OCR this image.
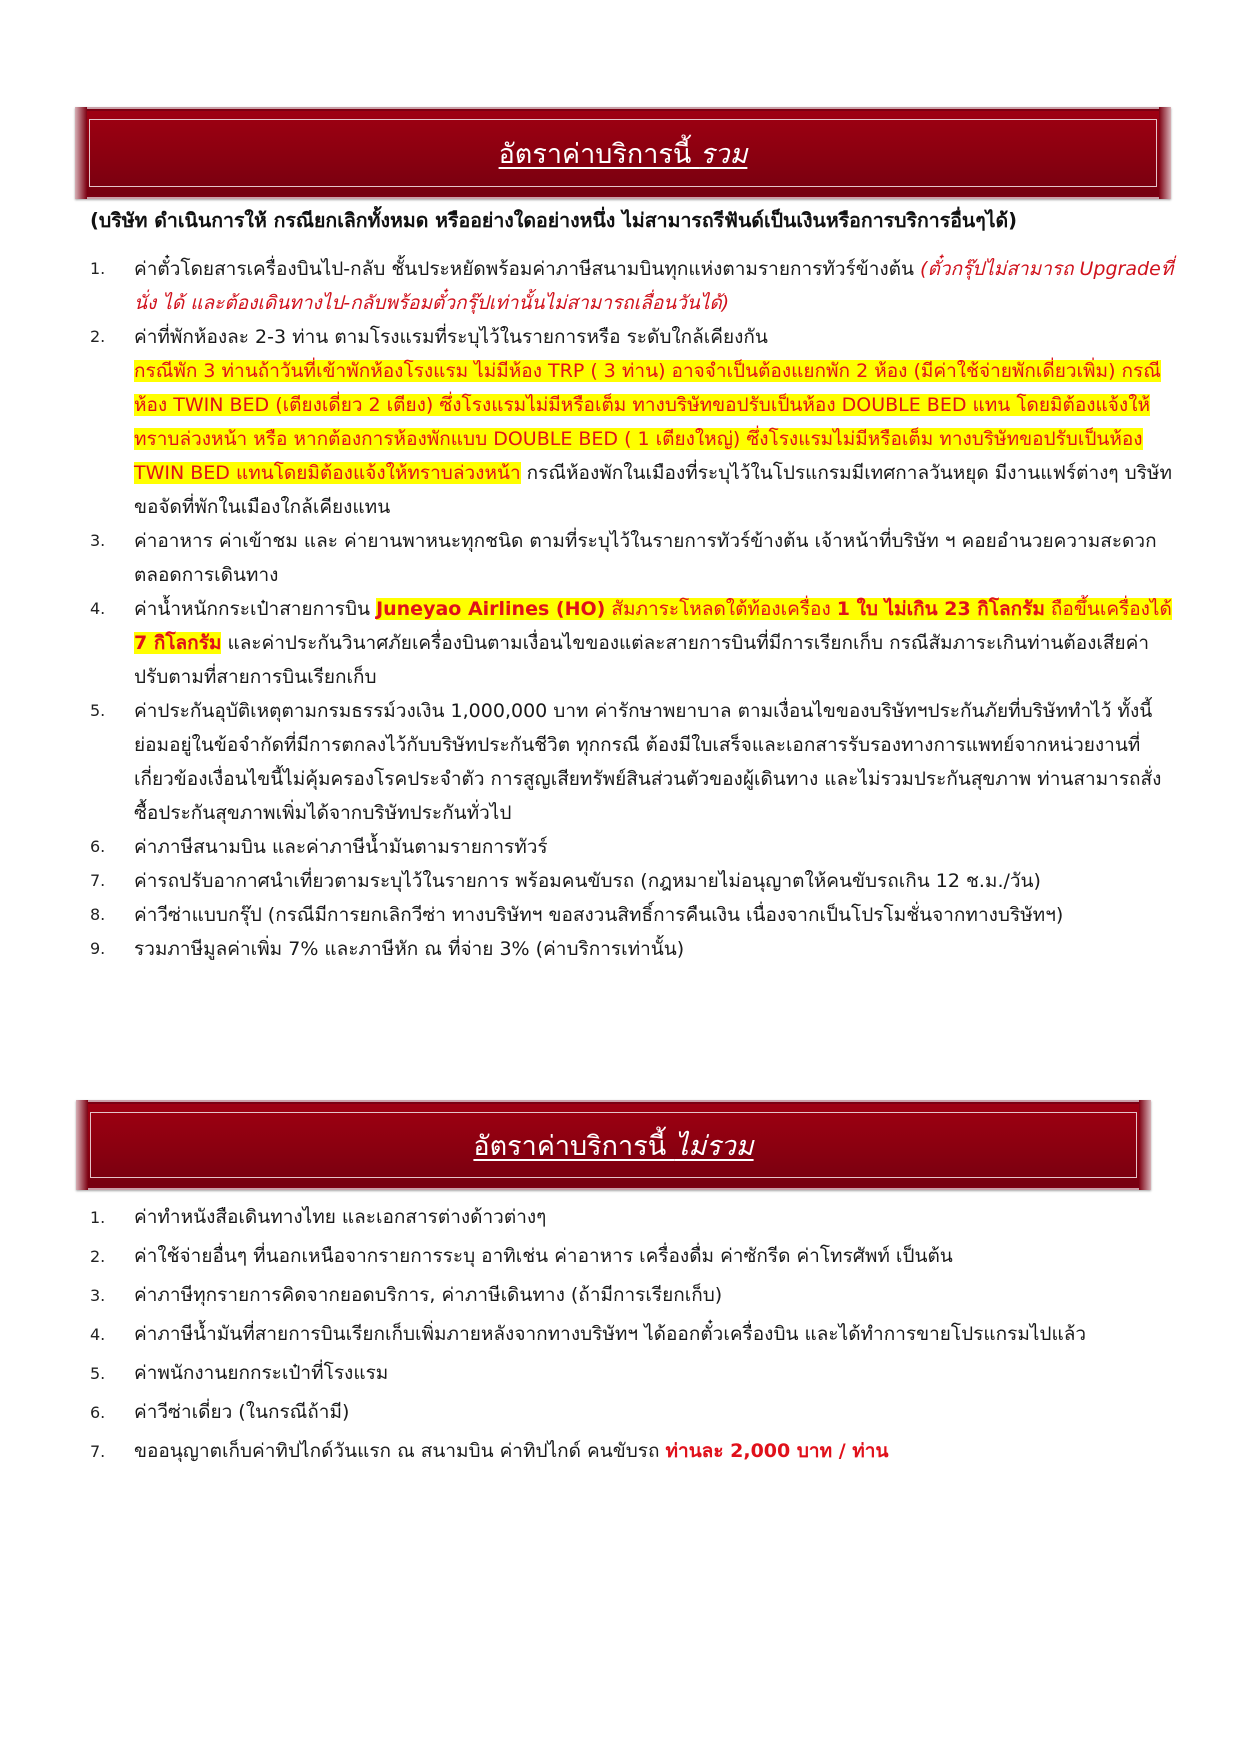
อัตราค่าบริการนี้ รวม
(บริษัท ดำเนินการให้ กรณียกเลิกทั้งหมด หรืออย่างใดอย่างหนึ่ง ไม่สามารถรีฟันด์เป็นเงินหรือการบริการอื่นๆได้)
1.	ค่าตั๋วโดยสารเครื่องบินไป-กลับ ชั้นประหยัดพร้อมค่าภาษีสนามบินทุกแห่งตามรายการทัวร์ข้างต้น (ตั๋วกรุ๊ปไม่สามารถ Upgradeที่นั่ง ได้ และต้องเดินทางไป-กลับพร้อมตั๋วกรุ๊ปเท่านั้นไม่สามารถเลื่อนวันได้)
2.	ค่าที่พักห้องละ 2-3 ท่าน ตามโรงแรมที่ระบุไว้ในรายการหรือ ระดับใกล้เคียงกัน
กรณีพัก 3 ท่านถ้าวันที่เข้าพักห้องโรงแรม ไม่มีห้อง TRP ( 3 ท่าน) อาจจำเป็นต้องแยกพัก 2 ห้อง (มีค่าใช้จ่ายพักเดี่ยวเพิ่ม) กรณีห้อง TWIN BED (เตียงเดี่ยว 2 เตียง) ซึ่งโรงแรมไม่มีหรือเต็ม ทางบริษัทขอปรับเป็นห้อง DOUBLE BED แทน โดยมิต้องแจ้งให้ทราบล่วงหน้า หรือ หากต้องการห้องพักแบบ DOUBLE BED ( 1 เตียงใหญ่) ซึ่งโรงแรมไม่มีหรือเต็ม ทางบริษัทขอปรับเป็นห้อง TWIN BED แทนโดยมิต้องแจ้งให้ทราบล่วงหน้า กรณีห้องพักในเมืองที่ระบุไว้ในโปรแกรมมีเทศกาลวันหยุด มีงานแฟร์ต่างๆ บริษัทขอจัดที่พักในเมืองใกล้เคียงแทน
3.	ค่าอาหาร ค่าเข้าชม และ ค่ายานพาหนะทุกชนิด ตามที่ระบุไว้ในรายการทัวร์ข้างต้น เจ้าหน้าที่บริษัท ฯ คอยอำนวยความสะดวกตลอดการเดินทาง
4.	ค่าน้ำหนักกระเป๋าสายการบิน Juneyao Airlines (HO) สัมภาระโหลดใต้ท้องเครื่อง 1 ใบ ไม่เกิน 23 กิโลกรัม ถือขึ้นเครื่องได้ 7 กิโลกรัม และค่าประกันวินาศภัยเครื่องบินตามเงื่อนไขของแต่ละสายการบินที่มีการเรียกเก็บ กรณีสัมภาระเกินท่านต้องเสียค่าปรับตามที่สายการบินเรียกเก็บ
5.	ค่าประกันอุบัติเหตุตามกรมธรรม์วงเงิน 1,000,000 บาท ค่ารักษาพยาบาล ตามเงื่อนไขของบริษัทฯประกันภัยที่บริษัททำไว้ ทั้งนี้ย่อมอยู่ในข้อจำกัดที่มีการตกลงไว้กับบริษัทประกันชีวิต ทุกกรณี ต้องมีใบเสร็จและเอกสารรับรองทางการแพทย์จากหน่วยงานที่เกี่ยวข้องเงื่อนไขนี้ไม่คุ้มครองโรคประจำตัว การสูญเสียทรัพย์สินส่วนตัวของผู้เดินทาง และไม่รวมประกันสุขภาพ ท่านสามารถสั่งซื้อประกันสุขภาพเพิ่มได้จากบริษัทประกันทั่วไป
6.	ค่าภาษีสนามบิน และค่าภาษีน้ำมันตามรายการทัวร์
7.	ค่ารถปรับอากาศนำเที่ยวตามระบุไว้ในรายการ พร้อมคนขับรถ (กฎหมายไม่อนุญาตให้คนขับรถเกิน 12 ช.ม./วัน)
8.	ค่าวีซ่าแบบกรุ๊ป (กรณีมีการยกเลิกวีซ่า ทางบริษัทฯ ขอสงวนสิทธิ์การคืนเงิน เนื่องจากเป็นโปรโมชั่นจากทางบริษัทฯ)
9.	รวมภาษีมูลค่าเพิ่ม 7% และภาษีหัก ณ ที่จ่าย 3% (ค่าบริการเท่านั้น)
อัตราค่าบริการนี้ ไม่รวม
1.	ค่าทำหนังสือเดินทางไทย และเอกสารต่างด้าวต่างๆ
2.	ค่าใช้จ่ายอื่นๆ ที่นอกเหนือจากรายการระบุ อาทิเช่น ค่าอาหาร เครื่องดื่ม ค่าซักรีด ค่าโทรศัพท์ เป็นต้น
3.	ค่าภาษีทุกรายการคิดจากยอดบริการ, ค่าภาษีเดินทาง (ถ้ามีการเรียกเก็บ)
4.	ค่าภาษีน้ำมันที่สายการบินเรียกเก็บเพิ่มภายหลังจากทางบริษัทฯ ได้ออกตั๋วเครื่องบิน และได้ทำการขายโปรแกรมไปแล้ว
5.	ค่าพนักงานยกกระเป๋าที่โรงแรม
6.	ค่าวีซ่าเดี่ยว (ในกรณีถ้ามี)
7.	ขออนุญาตเก็บค่าทิปไกด์วันแรก ณ สนามบิน ค่าทิปไกด์ คนขับรถ ท่านละ 2,000 บาท / ท่าน
